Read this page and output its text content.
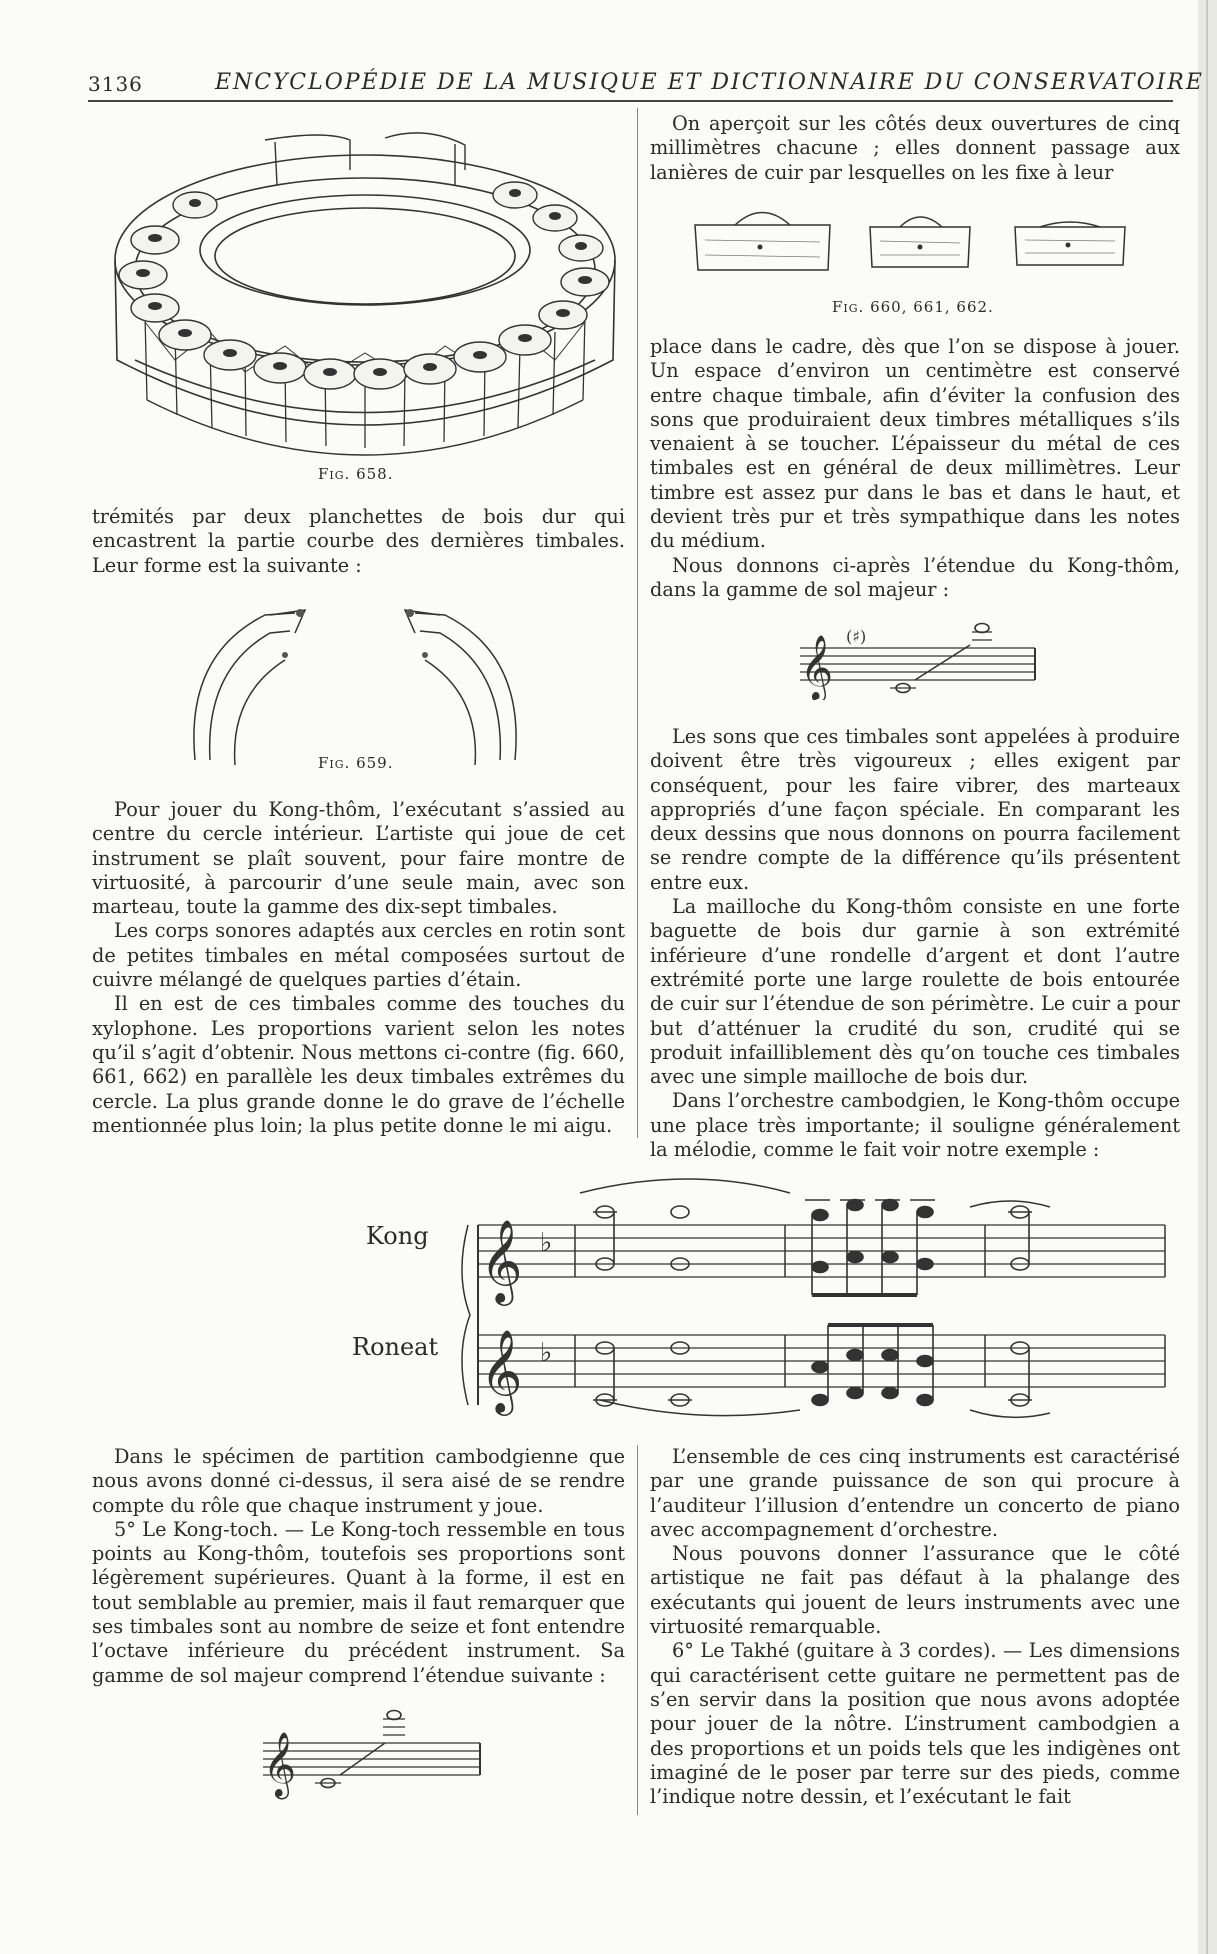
3136	ENCYCLOPÉDIE DE LA MUSIQUE ET DICTIONNAIRE DU CONSERVATOIRE
Fig. 658.

trémités par deux planchettes de bois dur qui encastrent la partie courbe des dernières timbales. Leur forme est la suivante :

Fig. 659.

Pour jouer du Kong-thôm, l’exécutant s’assied au centre du cercle intérieur. L’artiste qui joue de cet instrument se plaît souvent, pour faire montre de virtuosité, à parcourir d’une seule main, avec son marteau, toute la gamme des dix-sept timbales.

Les corps sonores adaptés aux cercles en rotin sont de petites timbales en métal composées surtout de cuivre mélangé de quelques parties d’étain.

Il en est de ces timbales comme des touches du xylophone. Les proportions varient selon les notes qu’il s’agit d’obtenir. Nous mettons ci-contre (fig. 660, 661, 662) en parallèle les deux timbales extrêmes du cercle. La plus grande donne le do grave de l’échelle mentionnée plus loin; la plus petite donne le mi aigu.

On aperçoit sur les côtés deux ouvertures de cinq millimètres chacune ; elles donnent passage aux lanières de cuir par lesquelles on les fixe à leur

Fig. 660, 661, 662.

place dans le cadre, dès que l’on se dispose à jouer. Un espace d’environ un centimètre est conservé entre chaque timbale, afin d’éviter la confusion des sons que produiraient deux timbres métalliques s’ils venaient à se toucher. L’épaisseur du métal de ces timbales est en général de deux millimètres. Leur timbre est assez pur dans le bas et dans le haut, et devient très pur et très sympathique dans les notes du médium.

Nous donnons ci-après l’étendue du Kong-thôm, dans la gamme de sol majeur :

𝄞 (♯)

Les sons que ces timbales sont appelées à produire doivent être très vigoureux ; elles exigent par conséquent, pour les faire vibrer, des marteaux appropriés d’une façon spéciale. En comparant les deux dessins que nous donnons on pourra facilement se rendre compte de la différence qu’ils présentent entre eux.

La mailloche du Kong-thôm consiste en une forte baguette de bois dur garnie à son extrémité inférieure d’une rondelle d’argent et dont l’autre extrémité porte une large roulette de bois entourée de cuir sur l’étendue de son périmètre. Le cuir a pour but d’atténuer la crudité du son, crudité qui se produit infailliblement dès qu’on touche ces timbales avec une simple mailloche de bois dur.

Dans l’orchestre cambodgien, le Kong-thôm occupe une place très importante; il souligne généralement la mélodie, comme le fait voir notre exemple :

Kong
Roneat
𝄞
𝄞
♭
♭

Dans le spécimen de partition cambodgienne que nous avons donné ci-dessus, il sera aisé de se rendre compte du rôle que chaque instrument y joue.

5° Le Kong-toch. — Le Kong-toch ressemble en tous points au Kong-thôm, toutefois ses proportions sont légèrement supérieures. Quant à la forme, il est en tout semblable au premier, mais il faut remarquer que ses timbales sont au nombre de seize et font entendre l’octave inférieure du précédent instrument. Sa gamme de sol majeur comprend l’étendue suivante :

𝄞

L’ensemble de ces cinq instruments est caractérisé par une grande puissance de son qui procure à l’auditeur l’illusion d’entendre un concerto de piano avec accompagnement d’orchestre.

Nous pouvons donner l’assurance que le côté artistique ne fait pas défaut à la phalange des exécutants qui jouent de leurs instruments avec une virtuosité remarquable.

6° Le Takhé (guitare à 3 cordes). — Les dimensions qui caractérisent cette guitare ne permettent pas de s’en servir dans la position que nous avons adoptée pour jouer de la nôtre. L’instrument cambodgien a des proportions et un poids tels que les indigènes ont imaginé de le poser par terre sur des pieds, comme l’indique notre dessin, et l’exécutant le fait
